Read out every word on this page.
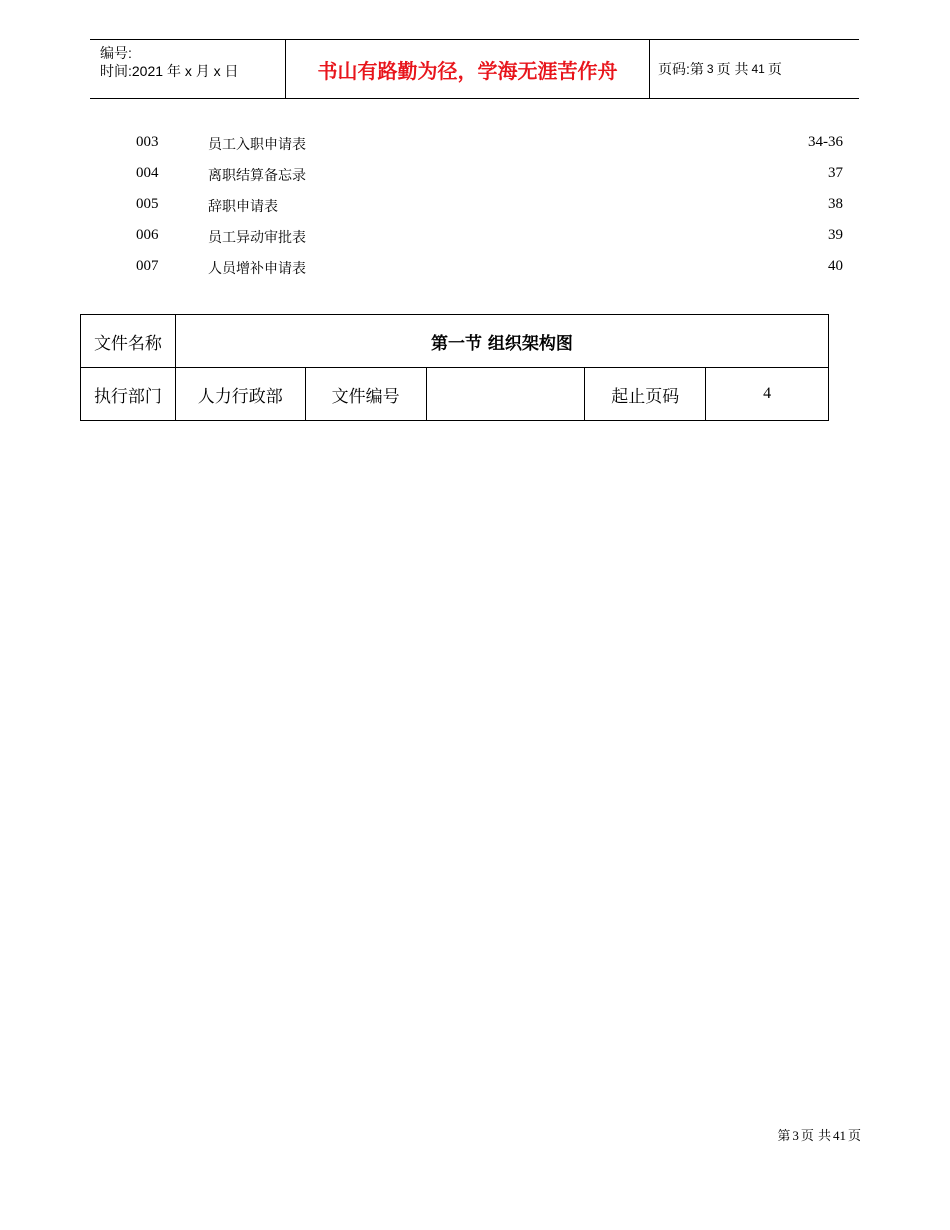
编号:
时间:2021 年 x 月 x 日	书山有路勤为径，学海无涯苦作舟	页码: 第 3 页 共 41 页
003	员工入职申请表	34-36
004	离职结算备忘录	37
005	辞职申请表	38
006	员工异动审批表	39
007	人员增补申请表	40
文件名称	第一节 组织架构图				
执行部门	人力行政部	文件编号		起止页码	4
第 3 页 共 41 页
